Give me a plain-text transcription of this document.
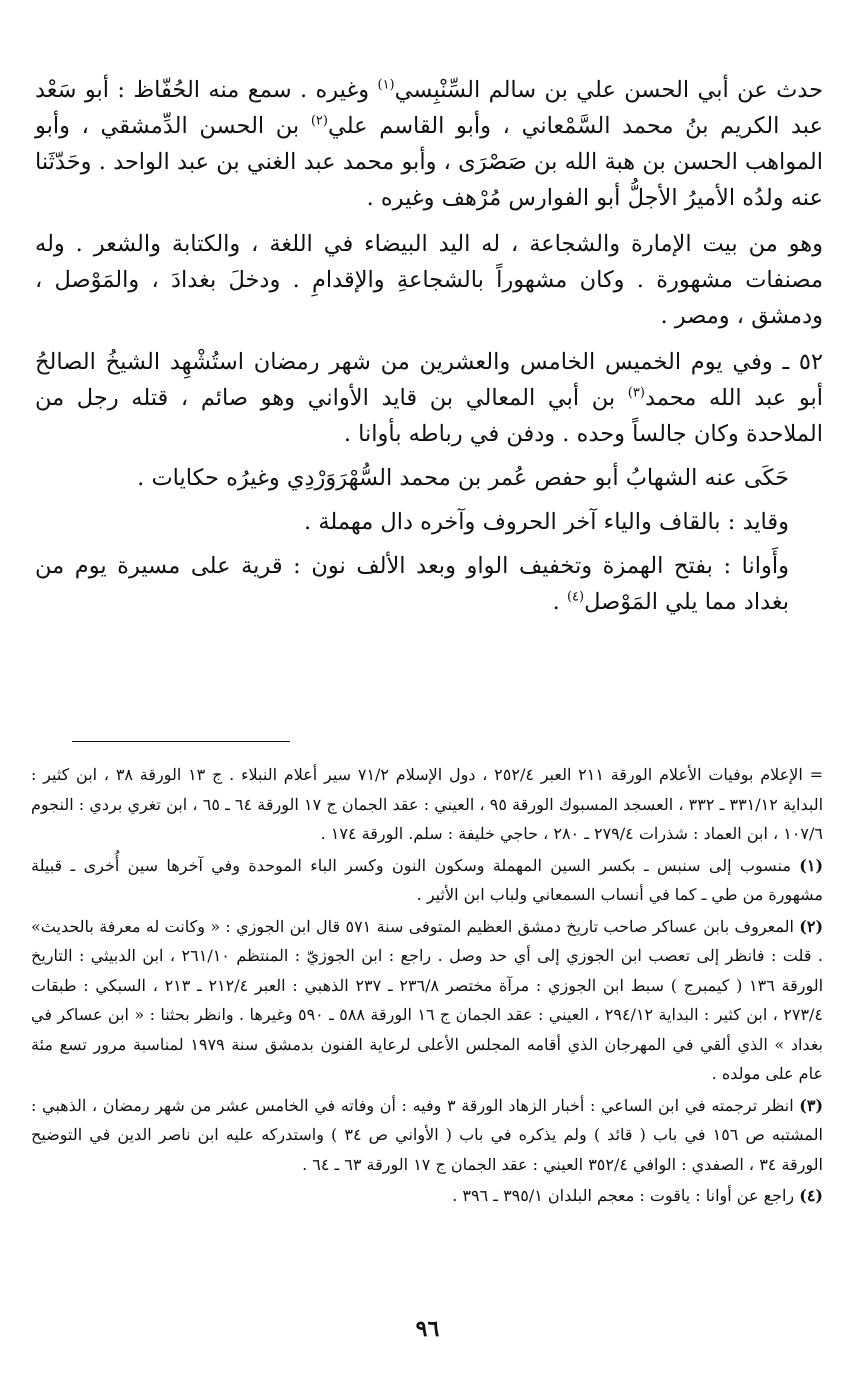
حدث عن أبي الحسن علي بن سالم السِّنْبِسي$^{(١)}$ وغيره . سمع منه الحُفّاظ : أبو سَعْد عبد الكريم بنُ محمد السَّمْعاني ، وأبو القاسم علي$^{(٢)}$ بن الحسن الدِّمشقي ، وأبو المواهب الحسن بن هبة الله بن صَصْرَى ، وأبو محمد عبد الغني بن عبد الواحد . وحَدّثَنا عنه ولدُه الأميرُ الأجلُّ أبو الفوارس مُرْهف وغيره .

وهو من بيت الإمارة والشجاعة ، له اليد البيضاء في اللغة ، والكتابة والشعر . وله مصنفات مشهورة . وكان مشهوراً بالشجاعةِ والإقدامِ . ودخلَ بغدادَ ، والمَوْصل ، ودمشق ، ومصر .

٥٢ ـ وفي يوم الخميس الخامس والعشرين من شهر رمضان استُشْهِد الشيخُ الصالحُ أبو عبد الله محمد$^{(٣)}$ بن أبي المعالي بن قايد الأواني وهو صائم ، قتله رجل من الملاحدة وكان جالساً وحده . ودفن في رباطه بأوانا .

حَكَى عنه الشهابُ أبو حفص عُمر بن محمد السُّهْرَوَرْدِي وغيرُه حكايات .

وقايد : بالقاف والياء آخر الحروف وآخره دال مهملة .

وأَوانا : بفتح الهمزة وتخفيف الواو وبعد الألف نون : قرية على مسيرة يوم من بغداد مما يلي المَوْصل$^{(٤)}$ .

= الإعلام بوفيات الأعلام الورقة ٢١١ العبر ٢٥٢/٤ ، دول الإسلام ٧١/٢ سير أعلام النبلاء . ج ١٣ الورقة ٣٨ ، ابن كثير : البداية ٣٣١/١٢ ـ ٣٣٢ ، العسجد المسبوك الورقة ٩٥ ، العيني : عقد الجمان ج ١٧ الورقة ٦٤ ـ ٦٥ ، ابن تغري بردي : النجوم ١٠٧/٦ ، ابن العماد : شذرات ٢٧٩/٤ ـ ٢٨٠ ، حاجي خليفة : سلم. الورقة ١٧٤ .

(١) منسوب إلى سنبس ـ بكسر السين المهملة وسكون النون وكسر الباء الموحدة وفي آخرها سين أُخرى ـ قبيلة مشهورة من طي ـ كما في أنساب السمعاني ولباب ابن الأثير .

(٢) المعروف بابن عساكر صاحب تاريخ دمشق العظيم المتوفى سنة ٥٧١ قال ابن الجوزي : « وكانت له معرفة بالحديث» . قلت : فانظر إلى تعصب ابن الجوزي إلى أي حد وصل . راجع : ابن الجوزيّ : المنتظم ٢٦١/١٠ ، ابن الدبيثي : التاريخ الورقة ١٣٦ ( كيمبرج ) سبط ابن الجوزي : مرآة مختصر ٢٣٦/٨ ـ ٢٣٧ الذهبي : العبر ٢١٢/٤ ـ ٢١٣ ، السبكي : طبقات ٢٧٣/٤ ، ابن كثير : البداية ٢٩٤/١٢ ، العيني : عقد الجمان ج ١٦ الورقة ٥٨٨ ـ ٥٩٠ وغيرها . وانظر بحثنا : « ابن عساكر في بغداد » الذي ألقي في المهرجان الذي أقامه المجلس الأعلى لرعاية الفنون بدمشق سنة ١٩٧٩ لمناسبة مرور تسع مئة عام على مولده .

(٣) انظر ترجمته في ابن الساعي : أخبار الزهاد الورقة ٣ وفيه : أن وفاته في الخامس عشر من شهر رمضان ، الذهبي : المشتبه ص ١٥٦ في باب ( قائد ) ولم يذكره في باب ( الأواني ص ٣٤ ) واستدركه عليه ابن ناصر الدين في التوضيح الورقة ٣٤ ، الصفدي : الوافي ٣٥٢/٤ العيني : عقد الجمان ج ١٧ الورقة ٦٣ ـ ٦٤ .

(٤) راجع عن أوانا : ياقوت : معجم البلدان ٣٩٥/١ ـ ٣٩٦ .

٩٦
